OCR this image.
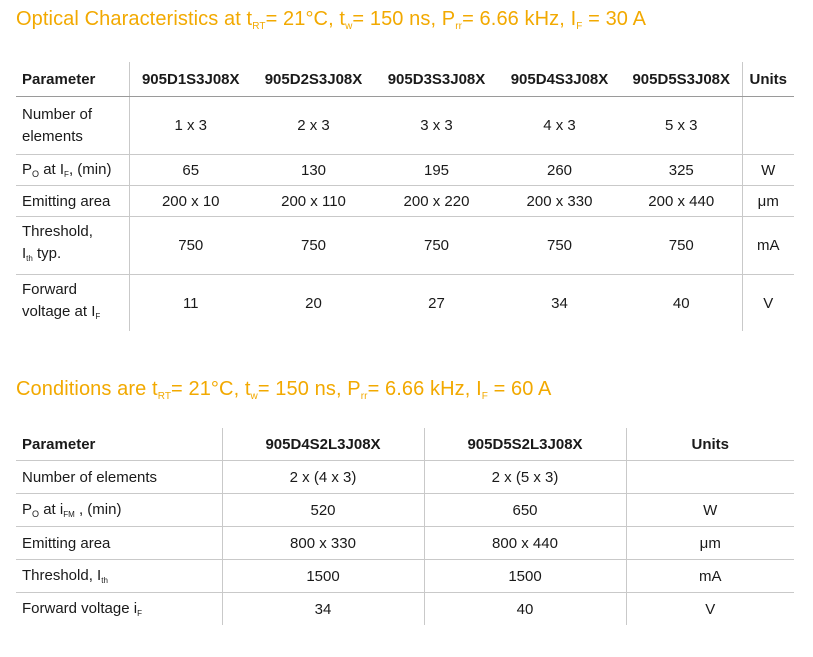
Optical Characteristics at $t_{RT}= 21^\circ C$, $t_w= 150$ ns, $P_{rr}= 6.66$ kHz, $I_F = 30$ A
Parameter	905D1S3J08X	905D2S3J08X	905D3S3J08X	905D4S3J08X	905D5S3J08X	Units
Number of
elements	1 x 3	2 x 3	3 x 3	4 x 3	5 x 3	
$P_O$ at $I_F$, (min)	65	130	195	260	325	W
Emitting area	200 x 10	200 x 110	200 x 220	200 x 330	200 x 440	μm
Threshold,
$I_{th}$ typ.	750	750	750	750	750	mA
Forward
voltage at $I_F$	11	20	27	34	40	V
Conditions are $t_{RT}= 21^\circ C$, $t_w= 150$ ns, $P_{rr}= 6.66$ kHz, $I_F = 60$ A
Parameter	905D4S2L3J08X	905D5S2L3J08X	Units
Number of elements	2 x (4 x 3)	2 x (5 x 3)	
$P_O$ at $i_{FM}$ , (min)	520	650	W
Emitting area	800 x 330	800 x 440	μm
Threshold, $I_{th}$	1500	1500	mA
Forward voltage $i_F$	34	40	V
